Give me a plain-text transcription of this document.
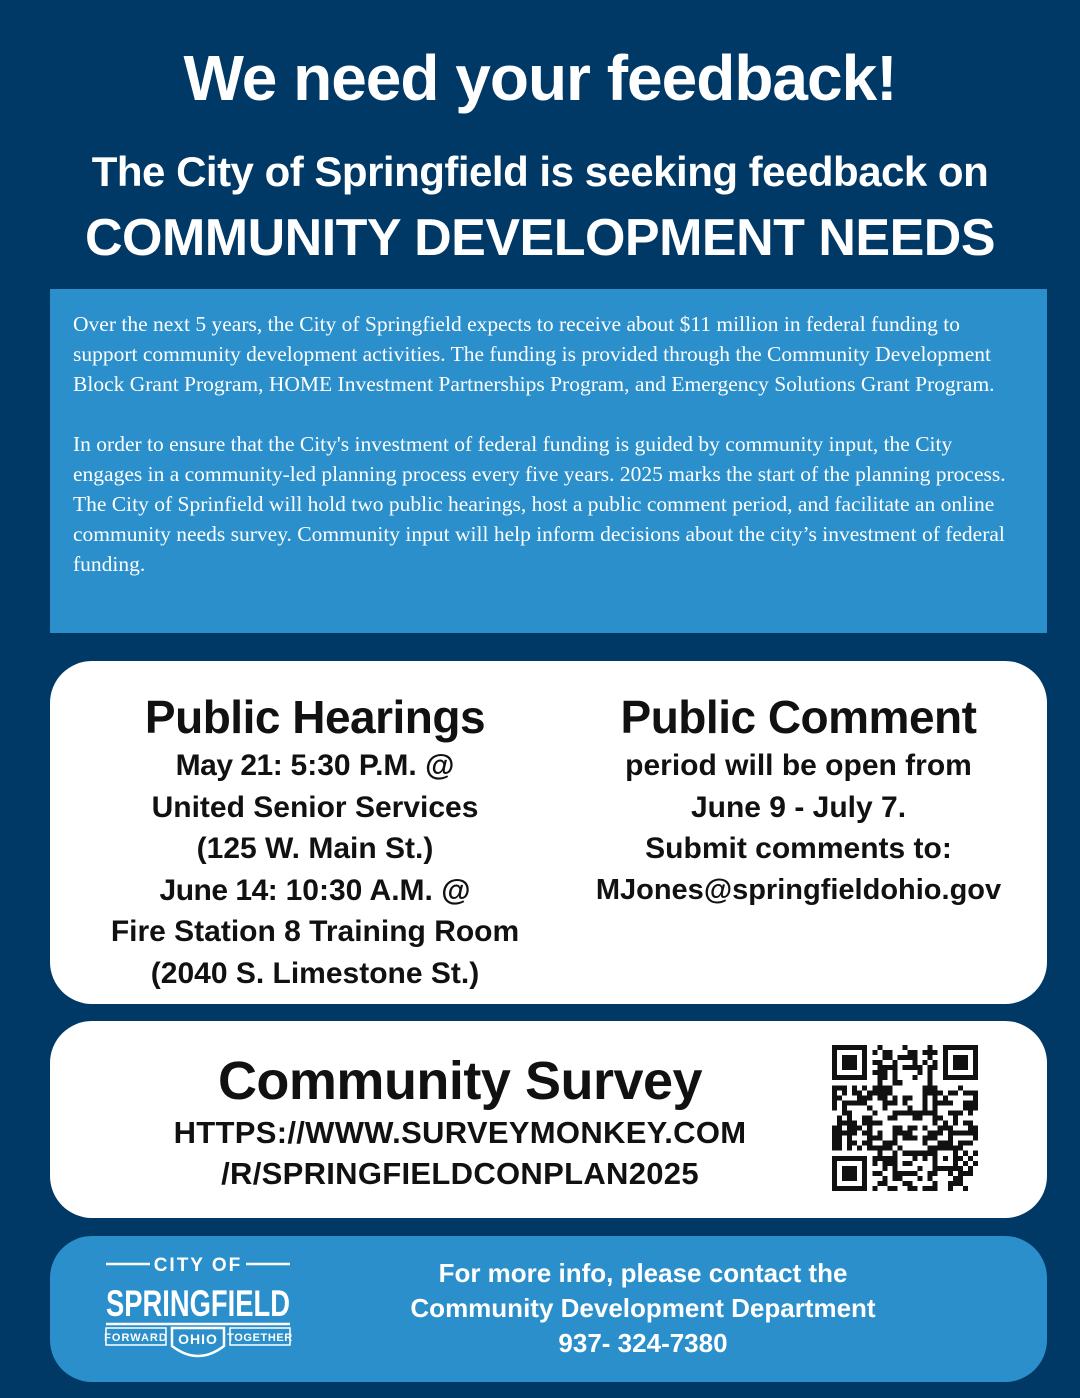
We need your feedback!
The City of Springfield is seeking feedback on
COMMUNITY DEVELOPMENT NEEDS

Over the next 5 years, the City of Springfield expects to receive about $11 million in federal funding to support community development activities. The funding is provided through the Community Development Block Grant Program, HOME Investment Partnerships Program, and Emergency Solutions Grant Program.

In order to ensure that the City's investment of federal funding is guided by community input, the City engages in a community-led planning process every five years. 2025 marks the start of the planning process. The City of Sprinfield will hold two public hearings, host a public comment period, and facilitate an online community needs survey. Community input will help inform decisions about the city’s investment of federal funding.

Public Hearings
May 21: 5:30 P.M. @
United Senior Services
(125 W. Main St.)
June 14: 10:30 A.M. @
Fire Station 8 Training Room
(2040 S. Limestone St.)
Public Comment
period will be open from
June 9 - July 7.
Submit comments to:
MJones@springfieldohio.gov
Community Survey
HTTPS://WWW.SURVEYMONKEY.COM
/R/SPRINGFIELDCONPLAN2025
For more info, please contact the
Community Development Department
937- 324-7380
CITY OF
SPRINGFIELD
FORWARD	TOGETHER
OHIO
